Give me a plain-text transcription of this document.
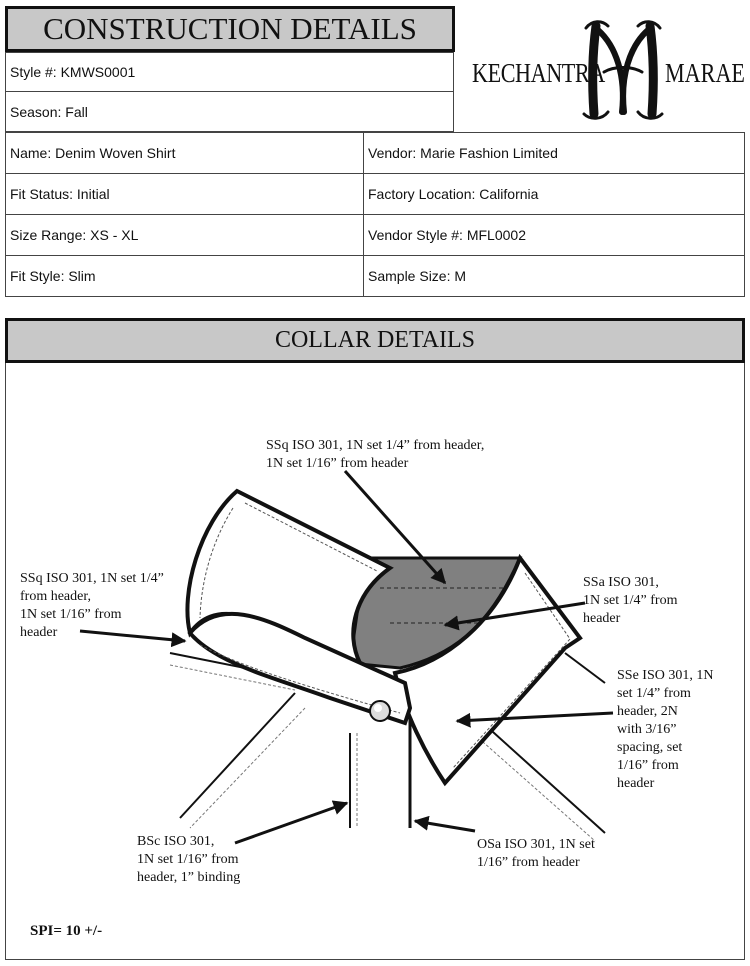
CONSTRUCTION DETAILS
KECHANTRA MARAE
Style #: KMWS0001
Season: Fall
Name: Denim Woven Shirt	Vendor: Marie Fashion Limited
Fit Status: Initial	Factory Location: California
Size Range: XS - XL	Vendor Style #: MFL0002
Fit Style: Slim	Sample Size: M
COLLAR DETAILS
SSq ISO 301, 1N set 1/4” from header,
1N set 1/16” from header
SSq ISO 301, 1N set 1/4”
from header,
1N set 1/16” from
header
SSa ISO 301,
1N set 1/4” from
header
SSe ISO 301, 1N
set 1/4” from
header, 2N
with 3/16”
spacing, set
1/16” from
header
BSc ISO 301,
1N set 1/16” from
header, 1” binding
OSa ISO 301, 1N set
1/16” from header
SPI= 10 +/-
